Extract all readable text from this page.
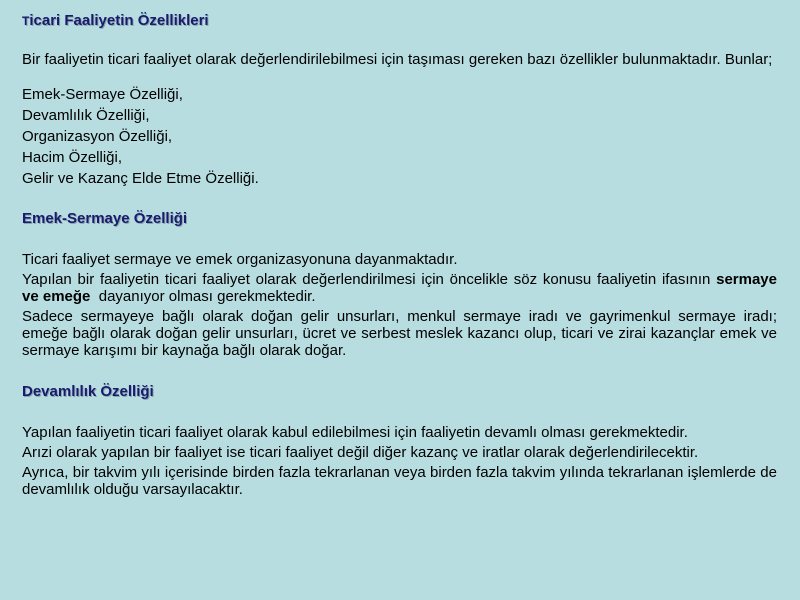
Ticari Faaliyetin Özellikleri

Bir faaliyetin ticari faaliyet olarak değerlendirilebilmesi için taşıması gereken bazı özellikler bulunmaktadır. Bunlar;

Emek-Sermaye Özelliği,
Devamlılık Özelliği,
Organizasyon Özelliği,
Hacim Özelliği,
Gelir ve Kazanç Elde Etme Özelliği.
Emek-Sermaye Özelliği

Ticari faaliyet sermaye ve emek organizasyonuna dayanmaktadır.

Yapılan bir faaliyetin ticari faaliyet olarak değerlendirilmesi için öncelikle söz konusu faaliyetin ifasının sermaye ve emeğe  dayanıyor olması gerekmektedir.

Sadece sermayeye bağlı olarak doğan gelir unsurları, menkul sermaye iradı ve gayrimenkul sermaye iradı; emeğe bağlı olarak doğan gelir unsurları, ücret ve serbest meslek kazancı olup, ticari ve zirai kazançlar emek ve sermaye karışımı bir kaynağa bağlı olarak doğar.

Devamlılık Özelliği

Yapılan faaliyetin ticari faaliyet olarak kabul edilebilmesi için faaliyetin devamlı olması gerekmektedir.

Arızi olarak yapılan bir faaliyet ise ticari faaliyet değil diğer kazanç ve iratlar olarak değerlendirilecektir.

Ayrıca, bir takvim yılı içerisinde birden fazla tekrarlanan veya birden fazla takvim yılında tekrarlanan işlemlerde de devamlılık olduğu varsayılacaktır.
